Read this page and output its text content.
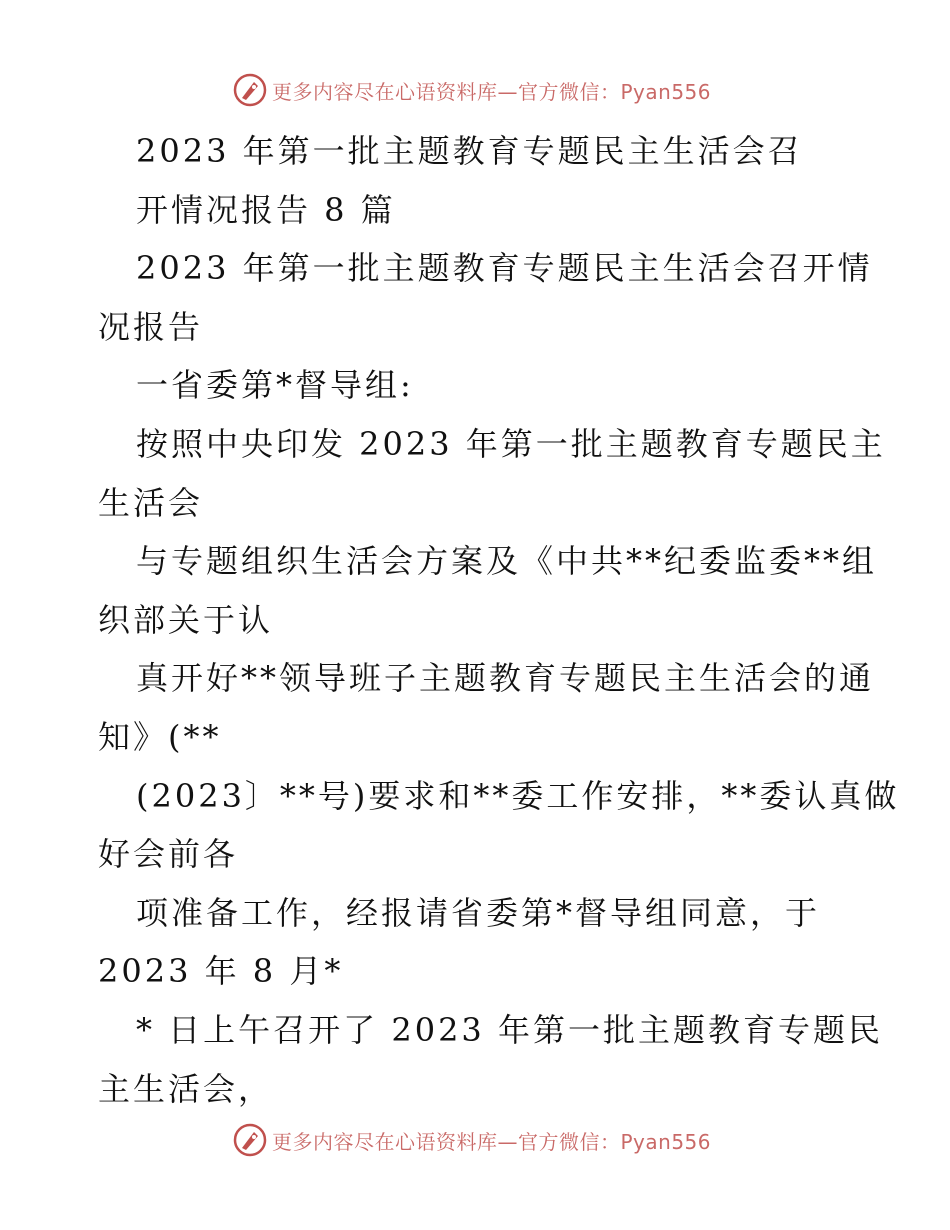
更多内容尽在心语资料库—官方微信：Pyan556
2023 年第一批主题教育专题民主生活会召
开情况报告 8 篇
2023 年第一批主题教育专题民主生活会召开情
况报告
一省委第*督导组:
按照中央印发 2023 年第一批主题教育专题民主
生活会
与专题组织生活会方案及《中共**纪委监委**组
织部关于认
真开好**领导班子主题教育专题民主生活会的通
知》(**
(2023〕**号)要求和**委工作安排，**委认真做
好会前各
项准备工作，经报请省委第*督导组同意，于
2023 年 8 月*
* 日上午召开了 2023 年第一批主题教育专题民
主生活会，
更多内容尽在心语资料库—官方微信：Pyan556
